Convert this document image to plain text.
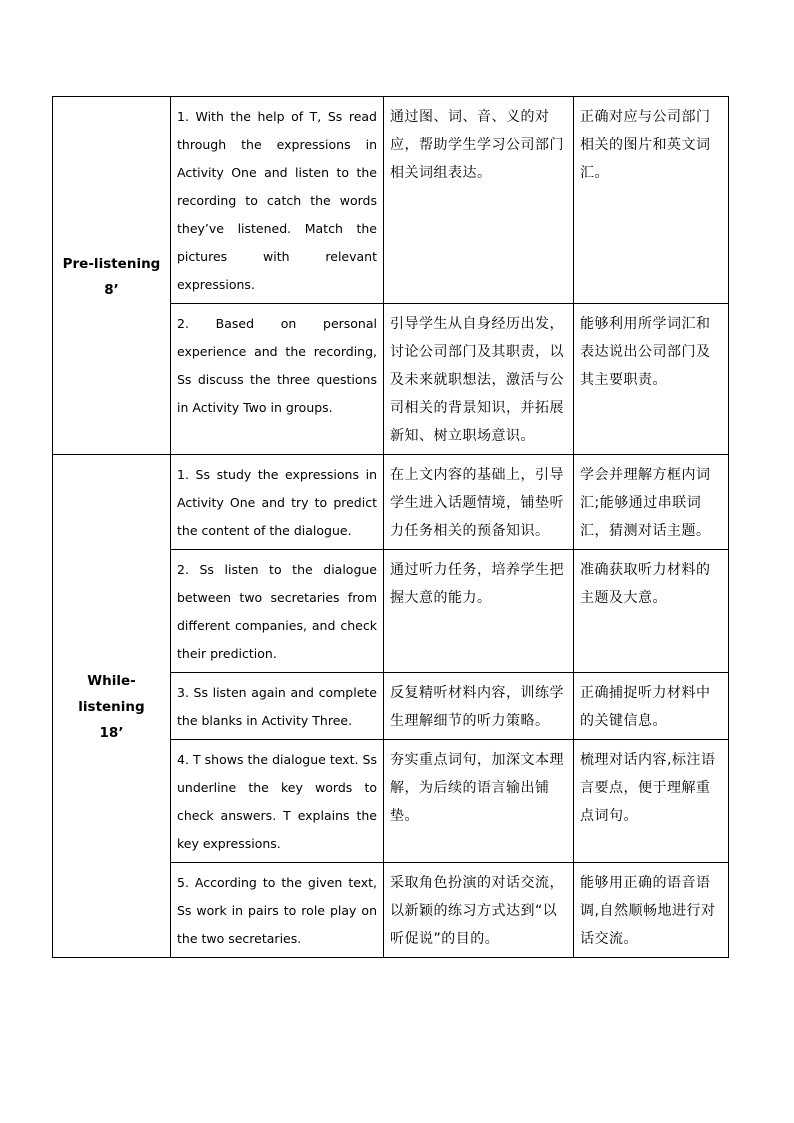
Pre-listening
8’	1. With the help of T, Ss read through the expressions in Activity One and listen to the recording to catch the words they’ve listened. Match the pictures with relevant expressions.	通过图、词、音、义的对应，帮助学生学习公司部门相关词组表达。	正确对应与公司部门相关的图片和英文词汇。
	2. Based on personal experience and the recording, Ss discuss the three questions in Activity Two in groups.	引导学生从自身经历出发，讨论公司部门及其职责，以及未来就职想法，激活与公司相关的背景知识，并拓展新知、树立职场意识。	能够利用所学词汇和表达说出公司部门及其主要职责。

While-listening
18’	1. Ss study the expressions in Activity One and try to predict the content of the dialogue.	在上文内容的基础上，引导学生进入话题情境，铺垫听力任务相关的预备知识。	学会并理解方框内词汇;能够通过串联词汇，猜测对话主题。
	2. Ss listen to the dialogue between two secretaries from different companies, and check their prediction.	通过听力任务，培养学生把握大意的能力。	准确获取听力材料的主题及大意。
	3. Ss listen again and complete the blanks in Activity Three.	反复精听材料内容，训练学生理解细节的听力策略。	正确捕捉听力材料中的关键信息。
	4. T shows the dialogue text. Ss underline the key words to check answers. T explains the key expressions.	夯实重点词句，加深文本理解，为后续的语言输出铺垫。	梳理对话内容,标注语言要点，便于理解重点词句。
	5. According to the given text, Ss work in pairs to role play on the two secretaries.	采取角色扮演的对话交流，以新颖的练习方式达到“以听促说”的目的。	能够用正确的语音语调,自然顺畅地进行对话交流。
